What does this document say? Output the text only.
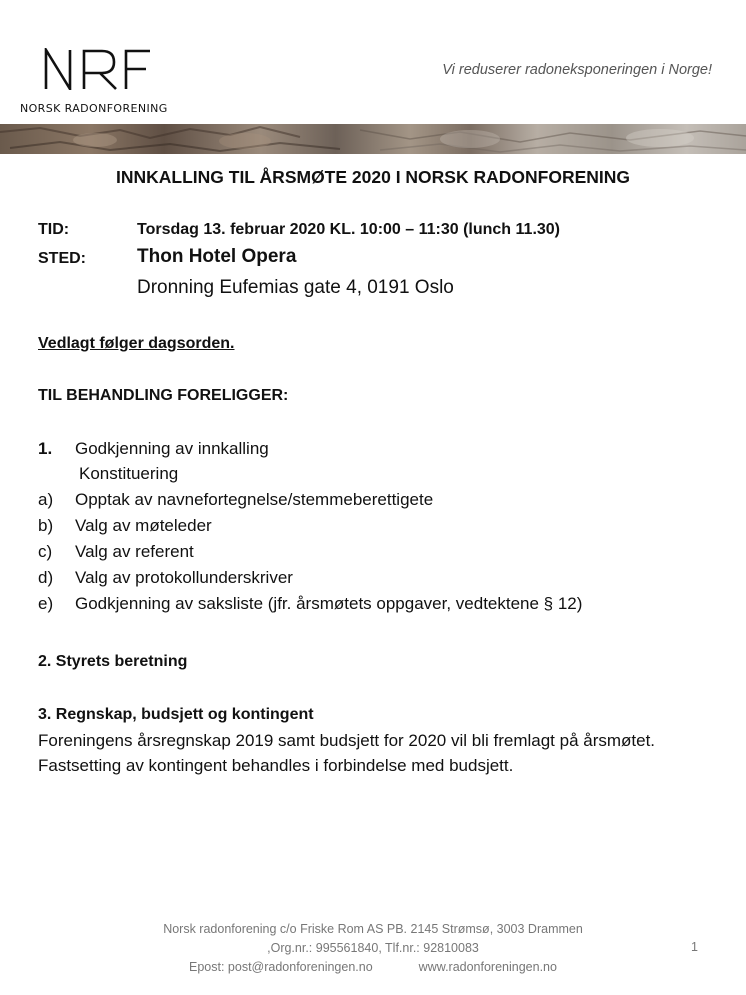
NORSK RADONFORENING
Vi reduserer radoneksponeringen i Norge!
INNKALLING TIL ÅRSMØTE 2020 I NORSK RADONFORENING
TID:	Torsdag 13. februar 2020 KL. 10:00 – 11:30 (lunch 11.30)
STED:	Thon Hotel Opera
Dronning Eufemias gate 4, 0191 Oslo
Vedlagt følger dagsorden.
TIL BEHANDLING FORELIGGER:
1. Godkjenning av innkalling
Konstituering
a) Opptak av navnefortegnelse/stemmeberettigete
b) Valg av møteleder
c) Valg av referent
d) Valg av protokollunderskriver
e) Godkjenning av saksliste (jfr. årsmøtets oppgaver, vedtektene § 12)
2. Styrets beretning
3. Regnskap, budsjett og kontingent
Foreningens årsregnskap 2019 samt budsjett for 2020 vil bli fremlagt på årsmøtet. Fastsetting av kontingent behandles i forbindelse med budsjett.
Norsk radonforening c/o Friske Rom AS PB. 2145 Strømsø, 3003 Drammen
,Org.nr.: 995561840, Tlf.nr.: 92810083
Epost: post@radonforeningen.no	www.radonforeningen.no
1
